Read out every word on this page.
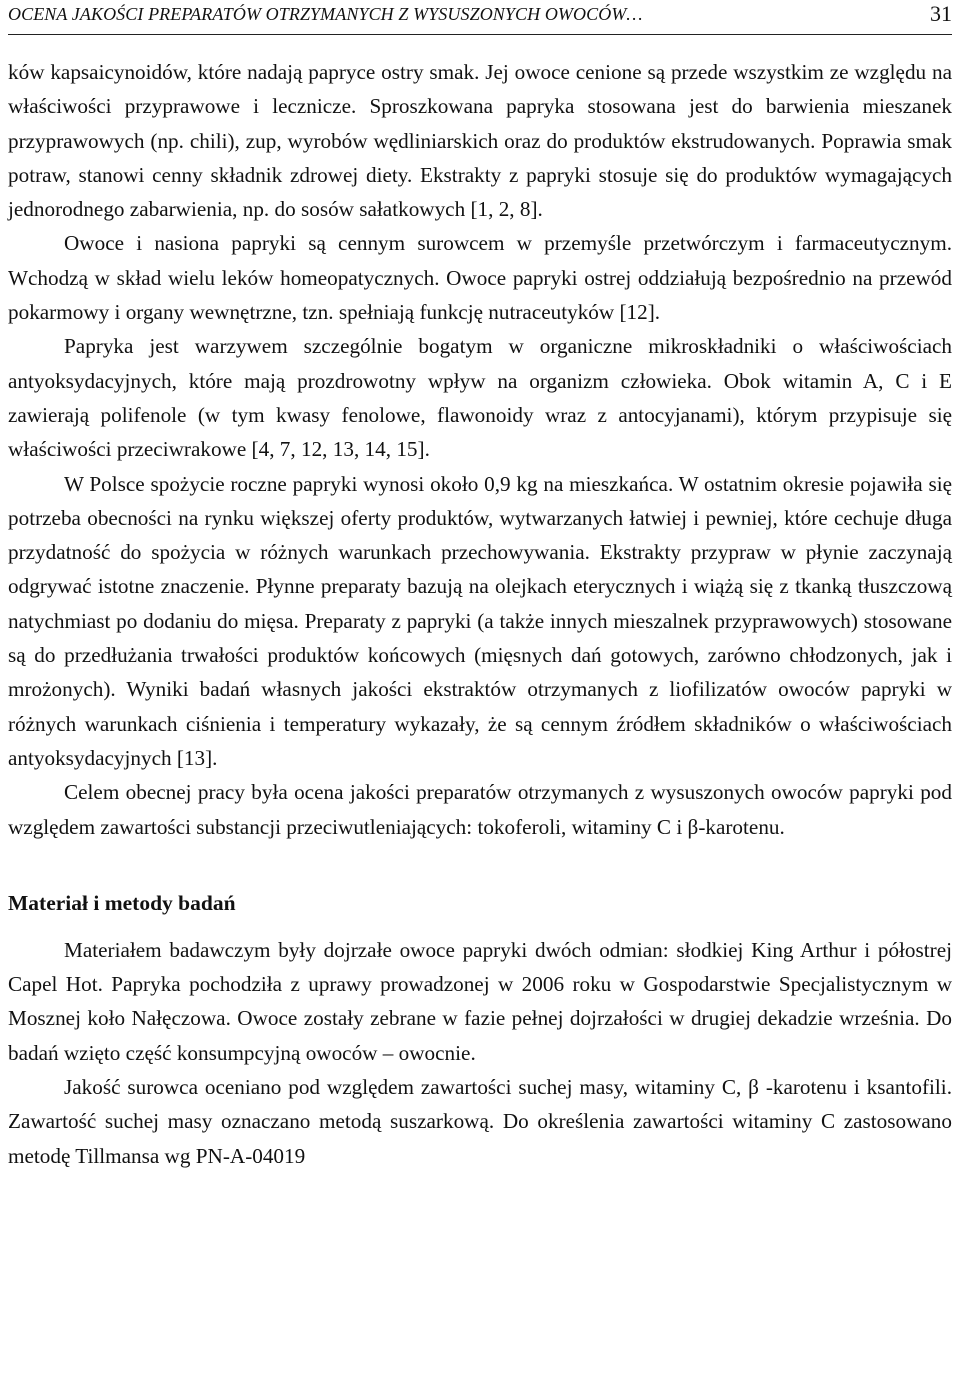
OCENA JAKOŚCI PREPARATÓW OTRZYMANYCH Z WYSUSZONYCH OWOCÓW…	31

ków kapsaicynoidów, które nadają papryce ostry smak. Jej owoce cenione są przede wszystkim ze względu na właściwości przyprawowe i lecznicze. Sproszkowana papryka stosowana jest do barwienia mieszanek przyprawowych (np. chili), zup, wyrobów wędliniarskich oraz do produktów ekstrudowanych. Poprawia smak potraw, stanowi cenny składnik zdrowej diety. Ekstrakty z papryki stosuje się do produktów wymagających jednorodnego zabarwienia, np. do sosów sałatkowych [1, 2, 8].

Owoce i nasiona papryki są cennym surowcem w przemyśle przetwórczym i farmaceutycznym. Wchodzą w skład wielu leków homeopatycznych. Owoce papryki ostrej oddziałują bezpośrednio na przewód pokarmowy i organy wewnętrzne, tzn. spełniają funkcję nutraceutyków [12].

Papryka jest warzywem szczególnie bogatym w organiczne mikroskładniki o właściwościach antyoksydacyjnych, które mają prozdrowotny wpływ na organizm człowieka. Obok witamin A, C i E zawierają polifenole (w tym kwasy fenolowe, flawonoidy wraz z antocyjanami), którym przypisuje się właściwości przeciwrakowe [4, 7, 12, 13, 14, 15].

W Polsce spożycie roczne papryki wynosi około 0,9 kg na mieszkańca. W ostatnim okresie pojawiła się potrzeba obecności na rynku większej oferty produktów, wytwarzanych łatwiej i pewniej, które cechuje długa przydatność do spożycia w różnych warunkach przechowywania. Ekstrakty przypraw w płynie zaczynają odgrywać istotne znaczenie. Płynne preparaty bazują na olejkach eterycznych i wiążą się z tkanką tłuszczową natychmiast po dodaniu do mięsa. Preparaty z papryki (a także innych mieszalnek przyprawowych) stosowane są do przedłużania trwałości produktów końcowych (mięsnych dań gotowych, zarówno chłodzonych, jak i mrożonych). Wyniki badań własnych jakości ekstraktów otrzymanych z liofilizatów owoców papryki w różnych warunkach ciśnienia i temperatury wykazały, że są cennym źródłem składników o właściwościach antyoksydacyjnych [13].

Celem obecnej pracy była ocena jakości preparatów otrzymanych z wysuszonych owoców papryki pod względem zawartości substancji przeciwutleniających: tokoferoli, witaminy C i β-karotenu.

Materiał i metody badań

Materiałem badawczym były dojrzałe owoce papryki dwóch odmian: słodkiej King Arthur i półostrej Capel Hot. Papryka pochodziła z uprawy prowadzonej w 2006 roku w Gospodarstwie Specjalistycznym w Mosznej koło Nałęczowa. Owoce zostały zebrane w fazie pełnej dojrzałości w drugiej dekadzie września. Do badań wzięto część konsumpcyjną owoców – owocnie.

Jakość surowca oceniano pod względem zawartości suchej masy, witaminy C, β -karotenu i ksantofili. Zawartość suchej masy oznaczano metodą suszarkową. Do określenia zawartości witaminy C zastosowano metodę Tillmansa wg PN-A-04019
